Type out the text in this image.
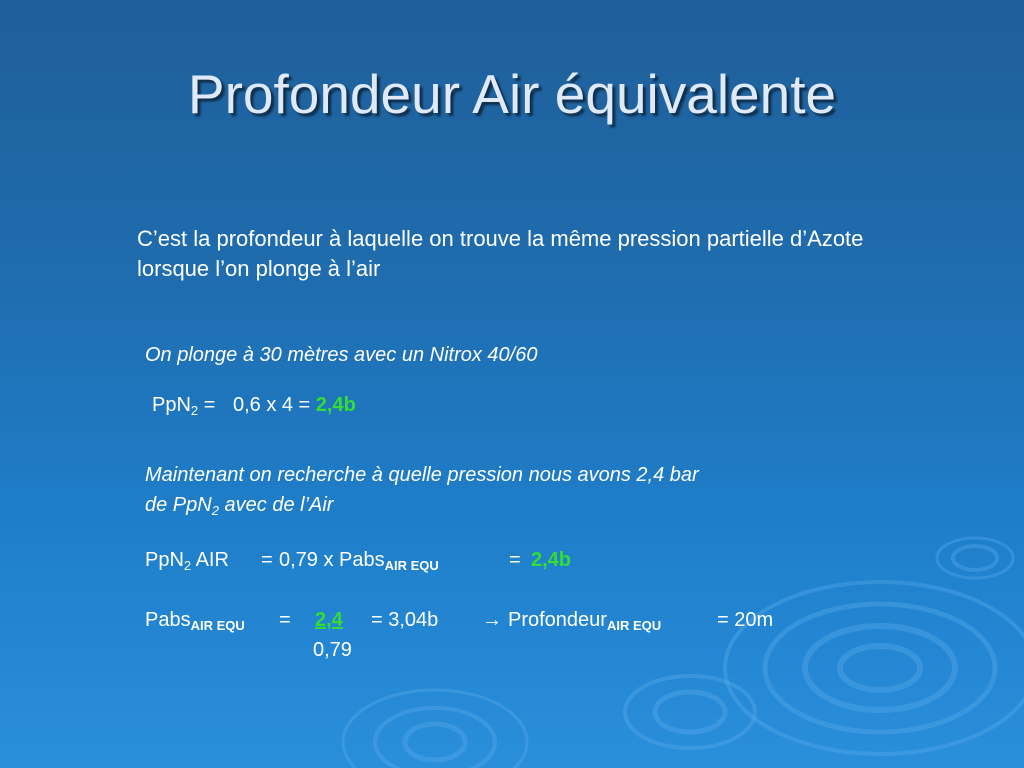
Profondeur Air équivalente
C’est la profondeur à laquelle on trouve la même pression partielle d’Azote lorsque l’on plonge à l’air
On plonge à 30 mètres avec un Nitrox 40/60
PpN$_2$ = 0,6 x 4 = 2,4b
Maintenant on recherche à quelle pression nous avons 2,4 bar
de PpN$_2$ avec de l’Air
PpN$_2$ AIR = 0,79 x Pabs$_{AIR EQU}$	= 2,4b
Pabs$_{AIR EQU}$ = 2,4
0,79
= 3,04b → Profondeur$_{AIR EQU}$	= 20m
